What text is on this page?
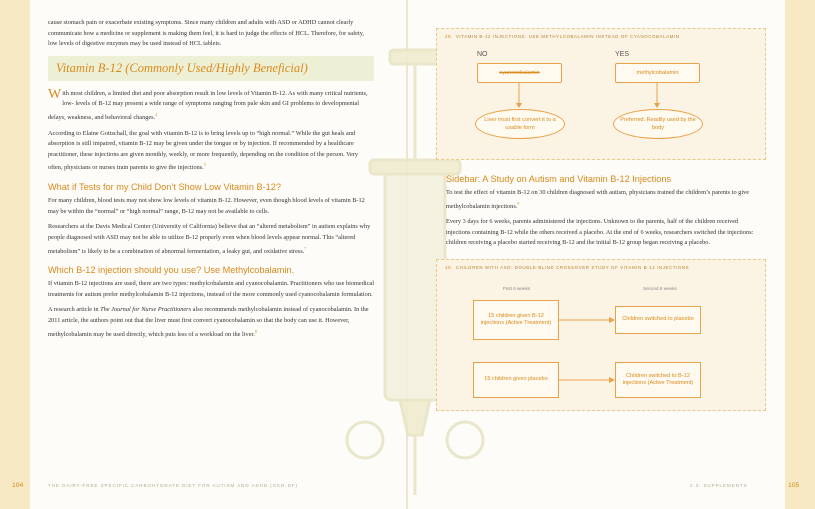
cause stomach pain or exacerbate existing symptoms. Since many children and adults with ASD or ADHD cannot clearly communicate how a medicine or supplement is making them feel, it is hard to judge the effects of HCL. Therefore, for safety, low levels of digestive enzymes may be used instead of HCL tablets.

Vitamin B-12 (Commonly Used/Highly Beneficial)

With most children, a limited diet and poor absorption result in low levels of Vitamin B-12. As with many critical nutrients, low- levels of B-12 may present a wide range of symptoms ranging from pale skin and GI problems to developmental delays, weakness, and behavioral changes.$^4$

According to Elaine Gottschall, the goal with vitamin B-12 is to bring levels up to “high normal.” While the gut heals and absorption is still impaired, vitamin B-12 may be given under the tongue or by injection. If recommended by a healthcare practitioner, these injections are given monthly, weekly, or more frequently, depending on the condition of the person. Very often, physicians or nurses train parents to give the injections.$^5$

What if Tests for my Child Don’t Show Low Vitamin B-12?

For many children, blood tests may not show low levels of vitamin B-12. However, even though blood levels of vitamin B-12 may be within the “normal” or “high normal” range, B-12 may not be available to cells.

Researchers at the Davis Medical Center (University of California) believe that an “altered metabolism” in autism explains why people diagnosed with ASD may not be able to utilize B-12 properly even when blood levels appear normal. This “altered metabolism” is likely to be a combination of abnormal fermentation, a leaky gut, and oxidative stress.$^7$

Which B-12 injection should you use? Use Methylcobalamin.

If vitamin B-12 injections are used, there are two types: methylcobalamin and cyanocobalamin. Practitioners who use biomedical treatments for autism prefer methylcobalamin B-12 injections, instead of the more commonly used cyanocobalamin formulation.

A research article in The Journal for Nurse Practitioners also recommends methylcobalamin instead of cyanocobalamin. In the 2011 article, the authors point out that the liver must first convert cyanocobalamin so that the body can use it. However, methylcobalamin may be used directly, which puts less of a workload on the liver.$^8$

104	THE DAIRY-FREE SPECIFIC CARBOHYDRATE DIET FOR AUTISM AND ADHD (SCD-DF)
29. VITAMIN B-12 INJECTIONS: USE METHYLCOBALAMIN INSTEAD OF CYANOCOBALAMIN
NO	YES
cyanocobalamin	methylcobalamin
Liver must first convert it to a usable form
Preferred. Readily used by the body
Sidebar: A Study on Autism and Vitamin B-12 Injections

To test the effect of vitamin B-12 on 30 children diagnosed with autism, physicians trained the children’s parents to give methylcobalamin injections.$^9$

Every 3 days for 6 weeks, parents administered the injections. Unknown to the parents, half of the children received injections containing B-12 while the others received a placebo. At the end of 6 weeks, researchers switched the injections: children receiving a placebo started receiving B-12 and the initial B-12 group began receiving a placebo.

30. CHILDREN WITH ASD: DOUBLE-BLIND CROSSOVER STUDY OF VITAMIN B-12 INJECTIONS
First 6 weeks	Second 6 weeks
15 children given B-12 injections (Active Treatment)
Children switched to placebo
15 children given placebo
Children switched to B-12 injections (Active Treatment)
2.3: SUPPLEMENTS	105
